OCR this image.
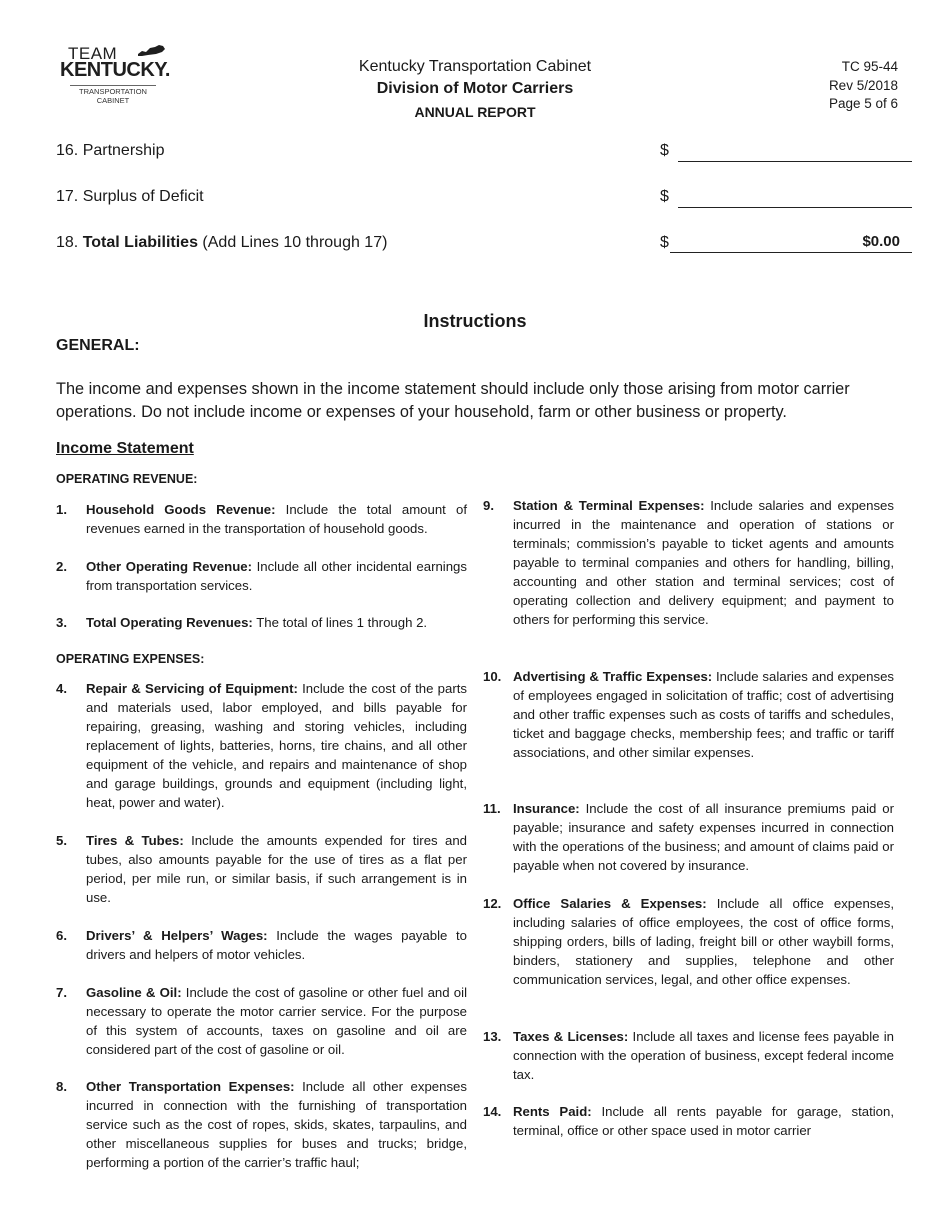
TEAM
KENTUCKY.
TRANSPORTATION
CABINET
Kentucky Transportation Cabinet
Division of Motor Carriers
ANNUAL REPORT
TC 95-44
Rev 5/2018
Page 5 of 6
16. Partnership	$
17. Surplus of Deficit	$
18. Total Liabilities (Add Lines 10 through 17)	$	$0.00
Instructions
GENERAL:
The income and expenses shown in the income statement should include only those arising from motor carrier operations. Do not include income or expenses of your household, farm or other business or property.
Income Statement
OPERATING REVENUE:
OPERATING EXPENSES:
1. Household Goods Revenue: Include the total amount of revenues earned in the transportation of household goods.
2. Other Operating Revenue: Include all other incidental earnings from transportation services.
3. Total Operating Revenues: The total of lines 1 through 2.
4. Repair & Servicing of Equipment: Include the cost of the parts and materials used, labor employed, and bills payable for repairing, greasing, washing and storing vehicles, including replacement of lights, batteries, horns, tire chains, and all other equipment of the vehicle, and repairs and maintenance of shop and garage buildings, grounds and equipment (including light, heat, power and water).
5. Tires & Tubes: Include the amounts expended for tires and tubes, also amounts payable for the use of tires as a flat per period, per mile run, or similar basis, if such arrangement is in use.
6. Drivers’ & Helpers’ Wages: Include the wages payable to drivers and helpers of motor vehicles.
7. Gasoline & Oil: Include the cost of gasoline or other fuel and oil necessary to operate the motor carrier service. For the purpose of this system of accounts, taxes on gasoline and oil are considered part of the cost of gasoline or oil.
8. Other Transportation Expenses: Include all other expenses incurred in connection with the furnishing of transportation service such as the cost of ropes, skids, skates, tarpaulins, and other miscellaneous supplies for buses and trucks; bridge, performing a portion of the carrier’s traffic haul;
9. Station & Terminal Expenses: Include salaries and expenses incurred in the maintenance and operation of stations or terminals; commission’s payable to ticket agents and amounts payable to terminal companies and others for handling, billing, accounting and other station and terminal services; cost of operating collection and delivery equipment; and payment to others for performing this service.
10. Advertising & Traffic Expenses: Include salaries and expenses of employees engaged in solicitation of traffic; cost of advertising and other traffic expenses such as costs of tariffs and schedules, ticket and baggage checks, membership fees; and traffic or tariff associations, and other similar expenses.
11. Insurance: Include the cost of all insurance premiums paid or payable; insurance and safety expenses incurred in connection with the operations of the business; and amount of claims paid or payable when not covered by insurance.
12. Office Salaries & Expenses: Include all office expenses, including salaries of office employees, the cost of office forms, shipping orders, bills of lading, freight bill or other waybill forms, binders, stationery and supplies, telephone and other communication services, legal, and other office expenses.
13. Taxes & Licenses: Include all taxes and license fees payable in connection with the operation of business, except federal income tax.
14. Rents Paid: Include all rents payable for garage, station, terminal, office or other space used in motor carrier
